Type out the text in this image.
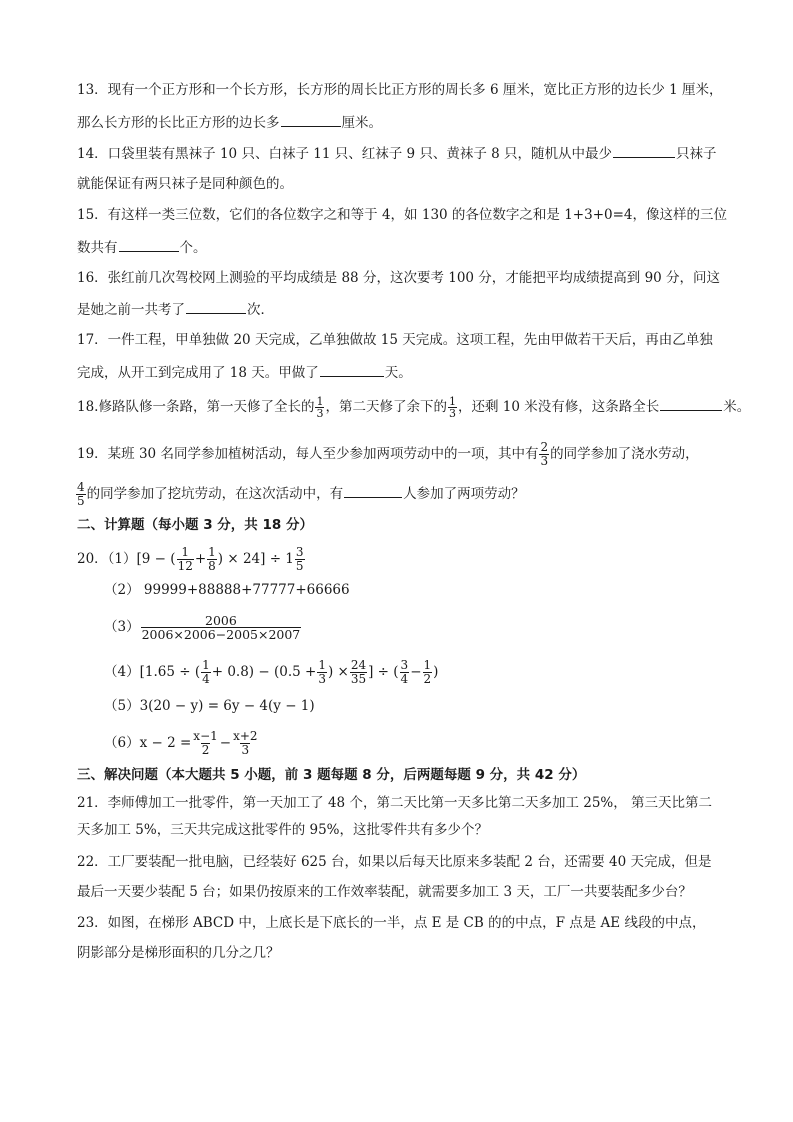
13．现有一个正方形和一个长方形，长方形的周长比正方形的周长多 6 厘米，宽比正方形的边长少 1 厘米，
那么长方形的长比正方形的边长多	厘米。
14．口袋里装有黑袜子 10 只、白袜子 11 只、红袜子 9 只、黄袜子 8 只，随机从中最少	只袜子
就能保证有两只袜子是同种颜色的。
15．有这样一类三位数，它们的各位数字之和等于 4，如 130 的各位数字之和是 1+3+0=4，像这样的三位
数共有	个。
16．张红前几次驾校网上测验的平均成绩是 88 分，这次要考 100 分，才能把平均成绩提高到 90 分，问这
是她之前一共考了	次．
17．一件工程，甲单独做 20 天完成，乙单独做故 15 天完成。这项工程，先由甲做若干天后，再由乙单独
完成，从开工到完成用了 18 天。甲做了	天。
18.修路队修一条路，第一天修了全长的 $\frac{1}{3}$ ，第二天修了余下的 $\frac{1}{3}$ ，还剩 10 米没有修，这条路全长	米。
19．某班 30 名同学参加植树活动，每人至少参加两项劳动中的一项，其中有 $\frac{2}{3}$ 的同学参加了浇水劳动，
$\frac{4}{5}$ 的同学参加了挖坑劳动，在这次活动中，有	人参加了两项劳动？
二、计算题（每小题 3 分，共 18 分）
20．（1）[9 − ( $\frac{1}{12} + \frac{1}{8}$ ) × $24] \div 1 \frac{3}{5}$
（2） 99999+88888+77777+66666
$(3) \frac{2006}{2006\times 2006-2005\times 2007}$
（4）[1.65 ÷ ( $\frac{1}{4} + 0.8) - (0.5 + \frac{1}{3}$ ) × $\frac{24}{35}$ ] ÷ ( $\frac{3}{4} - \frac{1}{2}$ )
（5）3(20 − y) = 6y − 4(y − 1)
$(6)x - 2 = \frac{x-1}{2} - \frac{x+2}{3}$
三、解决问题（本大题共 5 小题，前 3 题每题 8 分，后两题每题 9 分，共 42 分）
21．李师傅加工一批零件，第一天加工了 48 个，第二天比第一天多比第二天多加工 25%， 第三天比第二
天多加工 5%，三天共完成这批零件的 95%，这批零件共有多少个？
22．工厂要装配一批电脑，已经装好 625 台，如果以后每天比原来多装配 2 台，还需要 40 天完成，但是
最后一天要少装配 5 台；如果仍按原来的工作效率装配，就需要多加工 3 天，工厂一共要装配多少台？
23．如图，在梯形 ABCD 中，上底长是下底长的一半，点 E 是 CB 的的中点，F 点是 AE 线段的中点，
阴影部分是梯形面积的几分之几？
